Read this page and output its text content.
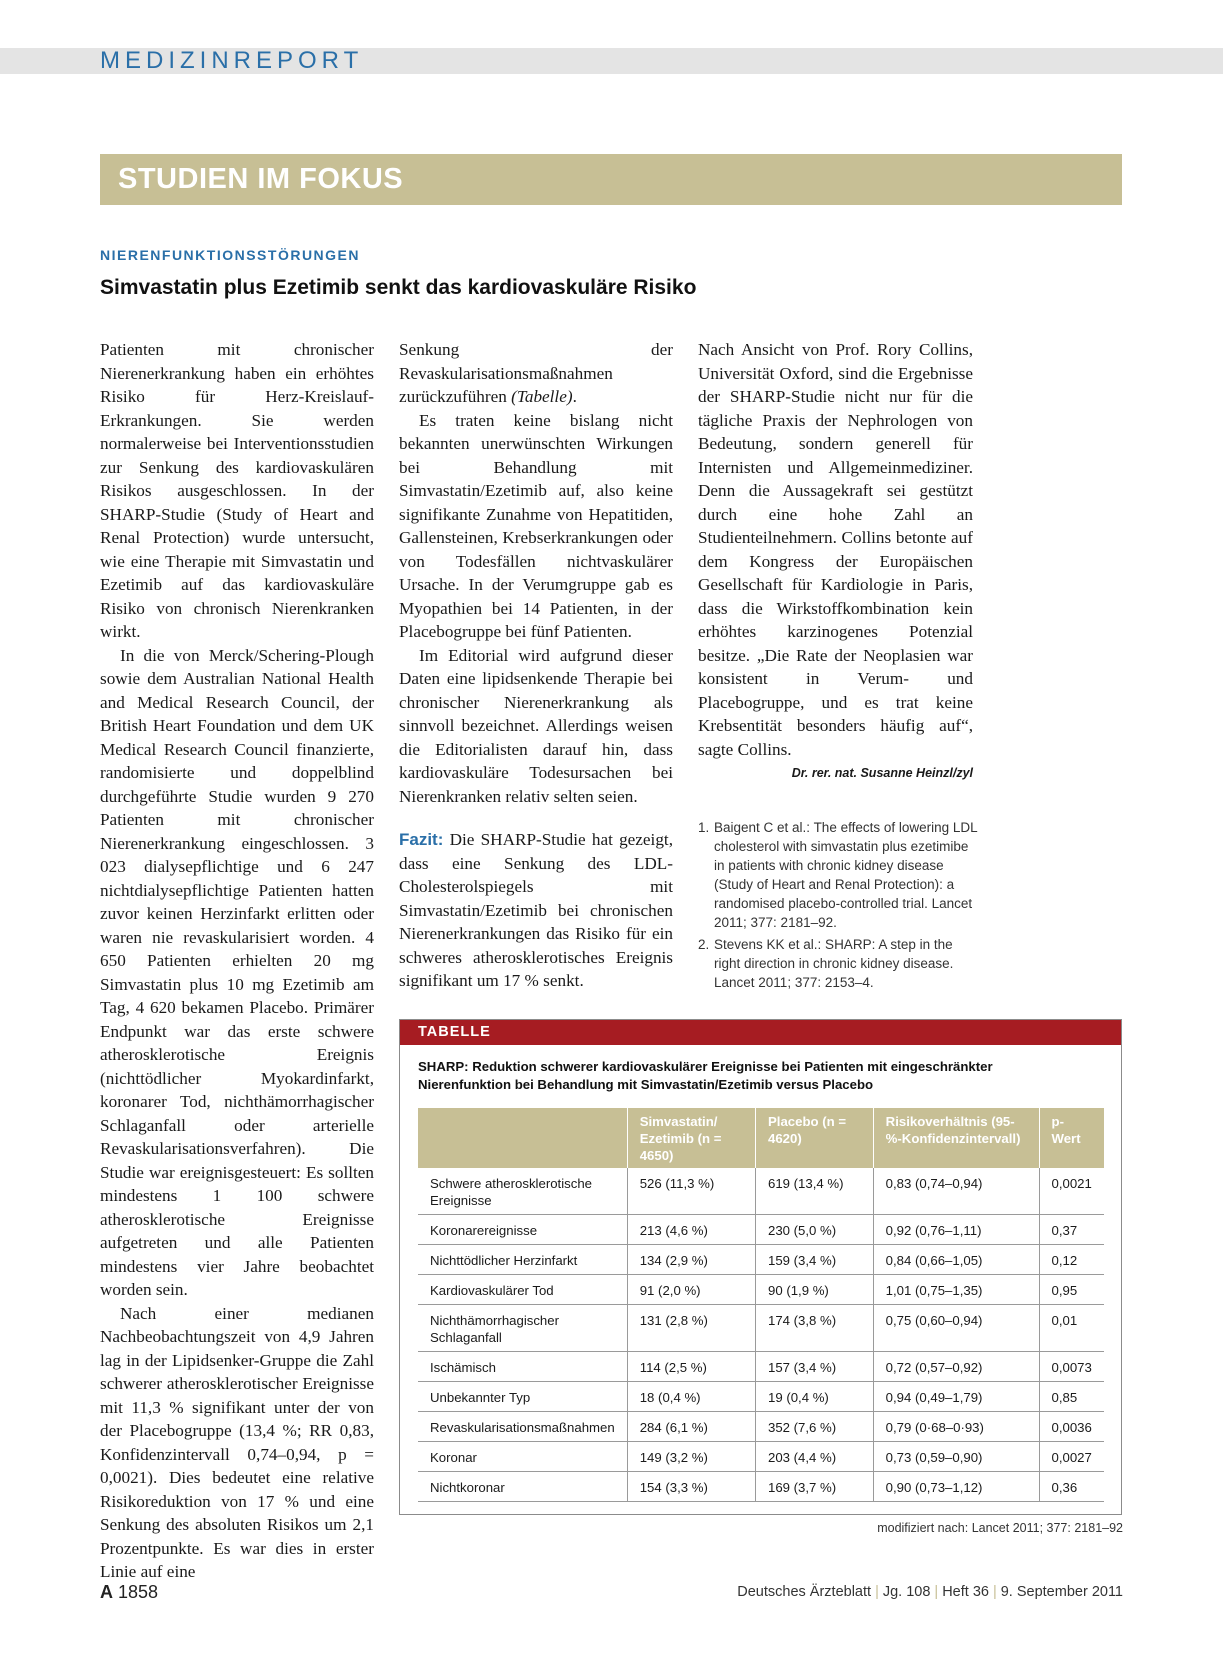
MEDIZINREPORT
STUDIEN IM FOKUS
NIERENFUNKTIONSSTÖRUNGEN
Simvastatin plus Ezetimib senkt das kardiovaskuläre Risiko

Patienten mit chronischer Nierenerkrankung haben ein erhöhtes Risiko für Herz-Kreislauf-Erkrankungen. Sie werden normalerweise bei Interventionsstudien zur Senkung des kardiovaskulären Risikos ausgeschlossen. In der SHARP-Studie (Study of Heart and Renal Protection) wurde untersucht, wie eine Therapie mit Simvastatin und Ezetimib auf das kardiovaskuläre Risiko von chronisch Nierenkranken wirkt.

In die von Merck/Schering-Plough sowie dem Australian National Health and Medical Research Council, der British Heart Foundation und dem UK Medical Research Council finanzierte, randomisierte und doppelblind durchgeführte Studie wurden 9 270 Patienten mit chronischer Nierenerkrankung eingeschlossen. 3 023 dialysepflichtige und 6 247 nichtdialysepflichtige Patienten hatten zuvor keinen Herzinfarkt erlitten oder waren nie revaskularisiert worden. 4 650 Patienten erhielten 20 mg Simvastatin plus 10 mg Ezetimib am Tag, 4 620 bekamen Placebo. Primärer Endpunkt war das erste schwere atherosklerotische Ereignis (nichttödlicher Myokardinfarkt, koronarer Tod, nichthämorrhagischer Schlaganfall oder arterielle Revaskularisationsverfahren). Die Studie war ereignisgesteuert: Es sollten mindestens 1 100 schwere atherosklerotische Ereignisse aufgetreten und alle Patienten mindestens vier Jahre beobachtet worden sein.

Nach einer medianen Nachbeobachtungszeit von 4,9 Jahren lag in der Lipidsenker-Gruppe die Zahl schwerer atherosklerotischer Ereignisse mit 11,3 % signifikant unter der von der Placebogruppe (13,4 %; RR 0,83, Konfidenzintervall 0,74–0,94, p = 0,0021). Dies bedeutet eine relative Risikoreduktion von 17 % und eine Senkung des absoluten Risikos um 2,1 Prozentpunkte. Es war dies in erster Linie auf eine

Senkung der Revaskularisationsmaßnahmen zurückzuführen (Tabelle).

Es traten keine bislang nicht bekannten unerwünschten Wirkungen bei Behandlung mit Simvastatin/Ezetimib auf, also keine signifikante Zunahme von Hepatitiden, Gallensteinen, Krebserkrankungen oder von Todesfällen nichtvaskulärer Ursache. In der Verumgruppe gab es Myopathien bei 14 Patienten, in der Placebogruppe bei fünf Patienten.

Im Editorial wird aufgrund dieser Daten eine lipidsenkende Therapie bei chronischer Nierenerkrankung als sinnvoll bezeichnet. Allerdings weisen die Editorialisten darauf hin, dass kardiovaskuläre Todesursachen bei Nierenkranken relativ selten seien.

Fazit: Die SHARP-Studie hat gezeigt, dass eine Senkung des LDL-Cholesterolspiegels mit Simvastatin/Ezetimib bei chronischen Nierenerkrankungen das Risiko für ein schweres atherosklerotisches Ereignis signifikant um 17 % senkt.

Nach Ansicht von Prof. Rory Collins, Universität Oxford, sind die Ergebnisse der SHARP-Studie nicht nur für die tägliche Praxis der Nephrologen von Bedeutung, sondern generell für Internisten und Allgemeinmediziner. Denn die Aussagekraft sei gestützt durch eine hohe Zahl an Studienteilnehmern. Collins betonte auf dem Kongress der Europäischen Gesellschaft für Kardiologie in Paris, dass die Wirkstoffkombination kein erhöhtes karzinogenes Potenzial besitze. „Die Rate der Neoplasien war konsistent in Verum- und Placebogruppe, und es trat keine Krebsentität besonders häufig auf“, sagte Collins.

Dr. rer. nat. Susanne Heinzl/zyl
1. Baigent C et al.: The effects of lowering LDL cholesterol with simvastatin plus ezetimibe in patients with chronic kidney disease (Study of Heart and Renal Protection): a randomised placebo-controlled trial. Lancet 2011; 377: 2181–92.
2. Stevens KK et al.: SHARP: A step in the right direction in chronic kidney disease. Lancet 2011; 377: 2153–4.
TABELLE
SHARP: Reduktion schwerer kardiovaskulärer Ereignisse bei Patienten mit eingeschränkter Nierenfunktion bei Behandlung mit Simvastatin/Ezetimib versus Placebo
	Simvastatin/ Ezetimib (n = 4650)	Placebo (n = 4620)	Risikoverhältnis (95-%-Konfidenzintervall)	p-Wert
Schwere atherosklerotische Ereignisse	526 (11,3 %)	619 (13,4 %)	0,83 (0,74–0,94)	0,0021
Koronarereignisse	213 (4,6 %)	230 (5,0 %)	0,92 (0,76–1,11)	0,37
Nichttödlicher Herzinfarkt	134 (2,9 %)	159 (3,4 %)	0,84 (0,66–1,05)	0,12
Kardiovaskulärer Tod	91 (2,0 %)	90 (1,9 %)	1,01 (0,75–1,35)	0,95
Nichthämorrhagischer Schlaganfall	131 (2,8 %)	174 (3,8 %)	0,75 (0,60–0,94)	0,01
Ischämisch	114 (2,5 %)	157 (3,4 %)	0,72 (0,57–0,92)	0,0073
Unbekannter Typ	18 (0,4 %)	19 (0,4 %)	0,94 (0,49–1,79)	0,85
Revaskularisationsmaßnahmen	284 (6,1 %)	352 (7,6 %)	0,79 (0·68–0·93)	0,0036
Koronar	149 (3,2 %)	203 (4,4 %)	0,73 (0,59–0,90)	0,0027
Nichtkoronar	154 (3,3 %)	169 (3,7 %)	0,90 (0,73–1,12)	0,36
modifiziert nach: Lancet 2011; 377: 2181–92
A 1858	Deutsches Ärzteblatt | Jg. 108 | Heft 36 | 9. September 2011
